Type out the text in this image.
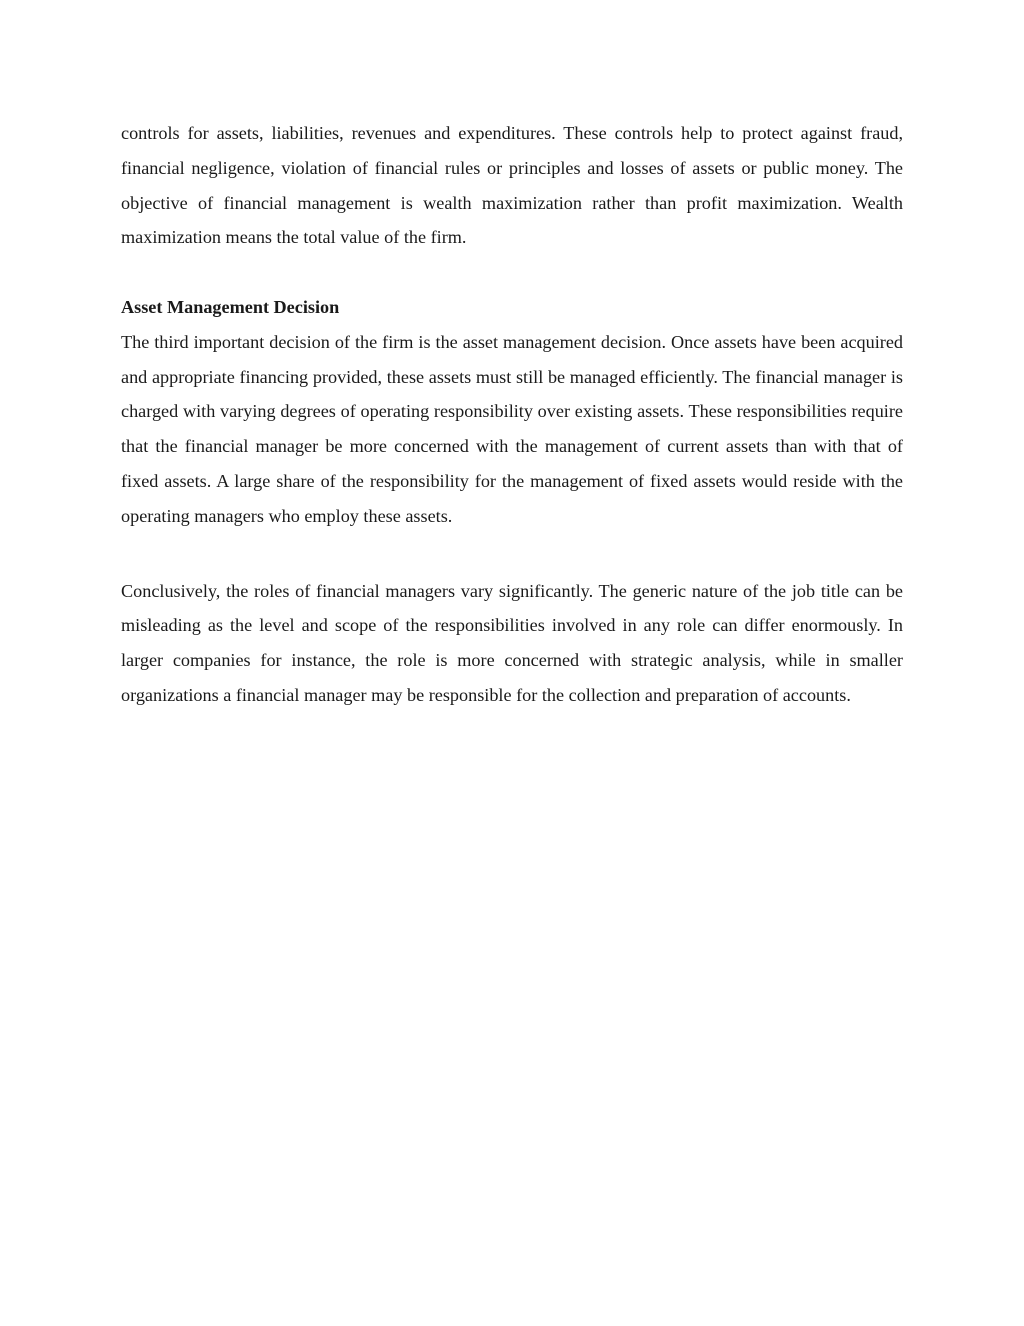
controls for assets, liabilities, revenues and expenditures. These controls help to protect against fraud, financial negligence, violation of financial rules or principles and losses of assets or public money. The objective of financial management is wealth maximization rather than profit maximization. Wealth maximization means the total value of the firm.

Asset Management Decision

The third important decision of the firm is the asset management decision. Once assets have been acquired and appropriate financing provided, these assets must still be managed efficiently. The financial manager is charged with varying degrees of operating responsibility over existing assets. These responsibilities require that the financial manager be more concerned with the management of current assets than with that of fixed assets. A large share of the responsibility for the management of fixed assets would reside with the operating managers who employ these assets.

Conclusively, the roles of financial managers vary significantly. The generic nature of the job title can be misleading as the level and scope of the responsibilities involved in any role can differ enormously. In larger companies for instance, the role is more concerned with strategic analysis, while in smaller organizations a financial manager may be responsible for the collection and preparation of accounts.
